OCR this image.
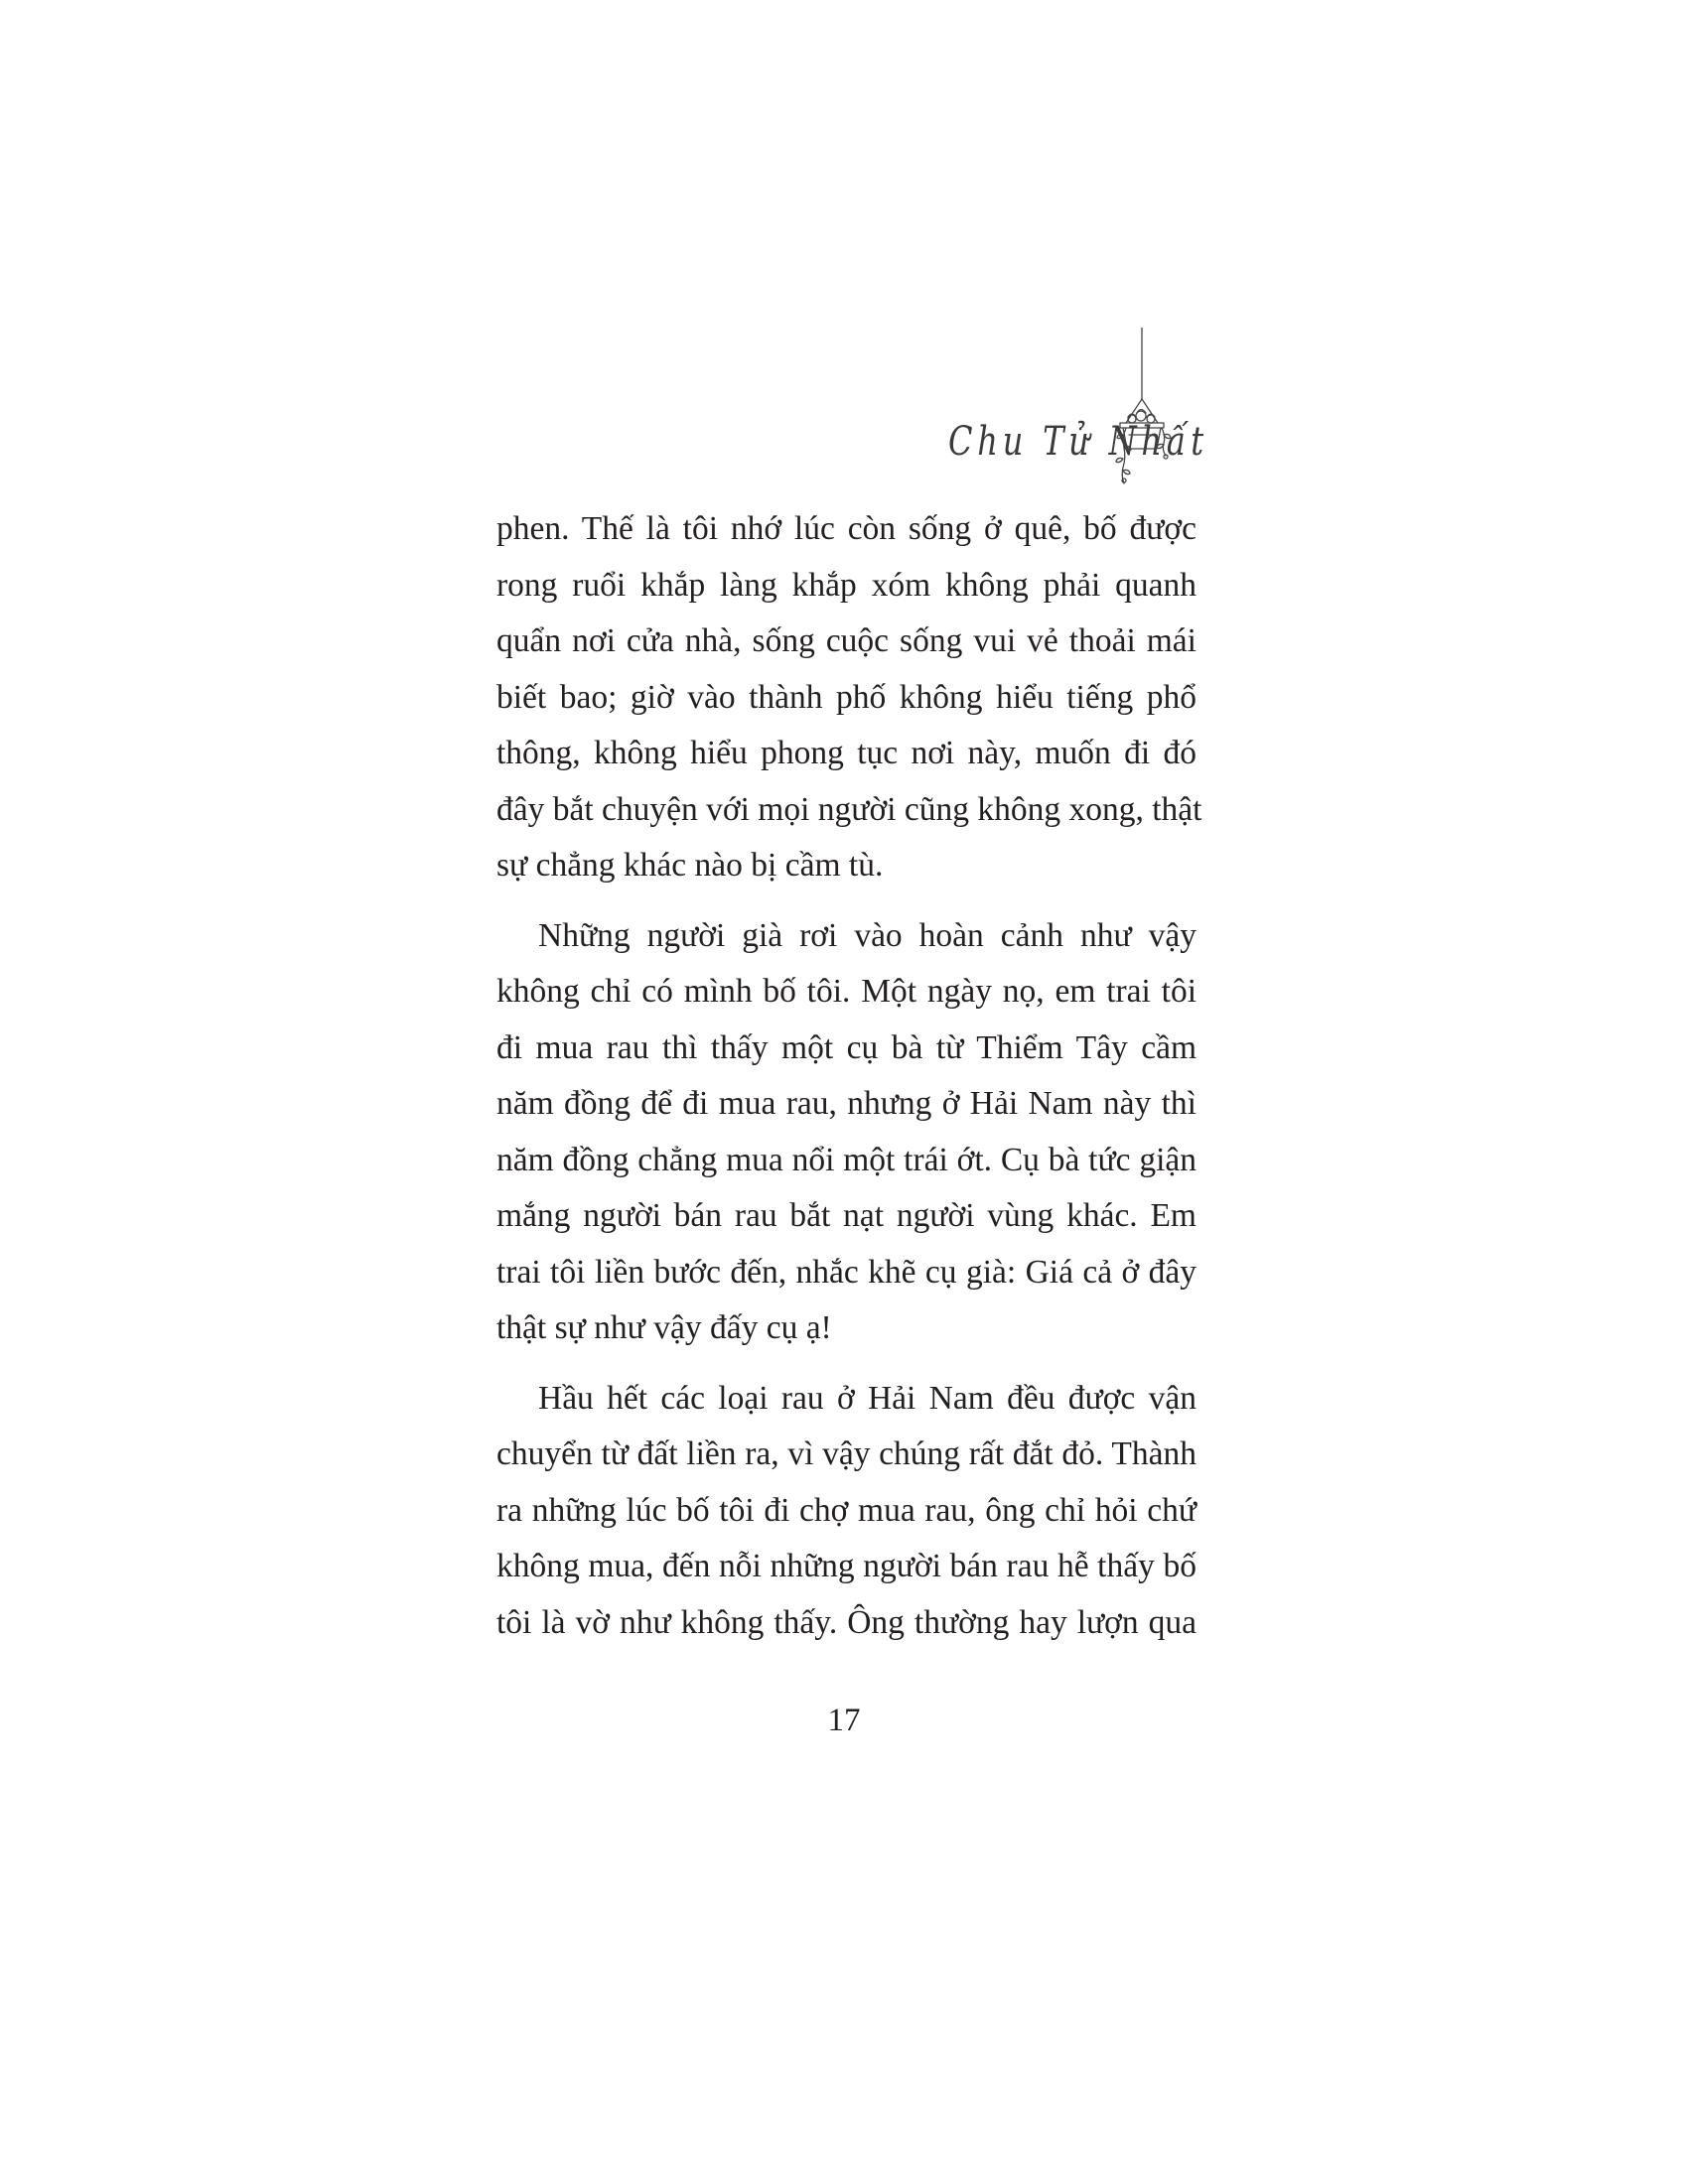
Chu Tử Nhất

phen. Thế là tôi nhớ lúc còn sống ở quê, bố được
rong ruổi khắp làng khắp xóm không phải quanh
quẩn nơi cửa nhà, sống cuộc sống vui vẻ thoải mái
biết bao; giờ vào thành phố không hiểu tiếng phổ
thông, không hiểu phong tục nơi này, muốn đi đó
đây bắt chuyện với mọi người cũng không xong, thật
sự chẳng khác nào bị cầm tù.

Những người già rơi vào hoàn cảnh như vậy
không chỉ có mình bố tôi. Một ngày nọ, em trai tôi
đi mua rau thì thấy một cụ bà từ Thiểm Tây cầm
năm đồng để đi mua rau, nhưng ở Hải Nam này thì
năm đồng chẳng mua nổi một trái ớt. Cụ bà tức giận
mắng người bán rau bắt nạt người vùng khác. Em
trai tôi liền bước đến, nhắc khẽ cụ già: Giá cả ở đây
thật sự như vậy đấy cụ ạ!

Hầu hết các loại rau ở Hải Nam đều được vận
chuyển từ đất liền ra, vì vậy chúng rất đắt đỏ. Thành
ra những lúc bố tôi đi chợ mua rau, ông chỉ hỏi chứ
không mua, đến nỗi những người bán rau hễ thấy bố
tôi là vờ như không thấy. Ông thường hay lượn qua

17
